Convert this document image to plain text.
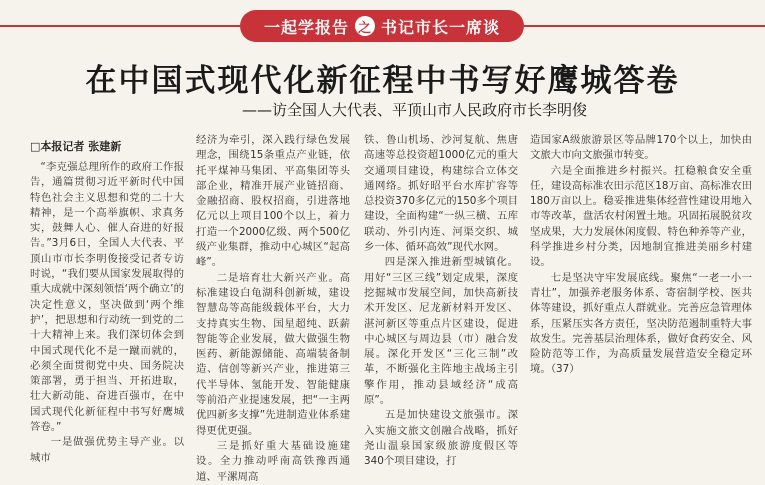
一起学报告 之 书记市长一席谈
在中国式现代化新征程中书写好鹰城答卷
——访全国人大代表、平顶山市人民政府市长李明俊
□本报记者 张建新

“李克强总理所作的政府工作报告，通篇贯彻习近平新时代中国特色社会主义思想和党的二十大精神，是一个高举旗帜、求真务实，鼓舞人心、催人奋进的好报告。”3月6日，全国人大代表、平顶山市市长李明俊接受记者专访时说，“我们要从国家发展取得的重大成就中深刻领悟‘两个确立’的决定性意义，坚决做到‘两个维护’，把思想和行动统一到党的二十大精神上来。我们深切体会到中国式现代化不是一蹴而就的，必须全面贯彻党中央、国务院决策部署，勇于担当、开拓进取，壮大新动能、奋进百强市，在中国式现代化新征程中书写好鹰城答卷。”

一是做强优势主导产业。以城市

经济为牵引，深入践行绿色发展理念，围绕15条重点产业链，依托平煤神马集团、平高集团等头部企业，精准开展产业链招商、金融招商、股权招商，引进落地亿元以上项目100个以上，着力打造一个2000亿级、两个500亿级产业集群，推动中心城区“起高峰”。

二是培育壮大新兴产业。高标准建设白龟湖科创新城，建设智慧岛等高能级载体平台，大力支持真实生物、国星超纯、跃薪智能等企业发展，做大做强生物医药、新能源储能、高端装备制造、信创等新兴产业，推进第三代半导体、氢能开发、智能健康等前沿产业提速发展，把“一主两优四新多支撑”先进制造业体系建得更优更强。

三是抓好重大基础设施建设。全力推动呼南高铁豫西通道、平漯周高

铁、鲁山机场、沙河复航、焦唐高速等总投资超1000亿元的重大交通项目建设，构建综合立体交通网络。抓好昭平台水库扩容等总投资370多亿元的150多个项目建设，全面构建“一纵三横、五库联动、外引内连、河渠交织、城乡一体、循环高效”现代水网。

四是深入推进新型城镇化。用好“三区三线”划定成果，深度挖掘城市发展空间，加快高新技术开发区、尼龙新材料开发区、湛河新区等重点片区建设，促进中心城区与周边县（市）融合发展。深化开发区“三化三制”改革，不断强化主阵地主战场主引擎作用，推动县域经济“成高原”。

五是加快建设文旅强市。深入实施文旅文创融合战略，抓好尧山温泉国家级旅游度假区等340个项目建设，打

造国家A级旅游景区等品牌170个以上，加快由文旅大市向文旅强市转变。

六是全面推进乡村振兴。扛稳粮食安全重任，建设高标准农田示范区18万亩、高标准农田180万亩以上。稳妥推进集体经营性建设用地入市等改革，盘活农村闲置土地。巩固拓展脱贫攻坚成果，大力发展休闲度假、特色种养等产业，科学推进乡村分类，因地制宜推进美丽乡村建设。

七是坚决守牢发展底线。聚焦“一老一小一青壮”，加强养老服务体系、寄宿制学校、医共体等建设，抓好重点人群就业。完善应急管理体系，压紧压实各方责任，坚决防范遏制重特大事故发生。完善基层治理体系，做好食药安全、风险防范等工作，为高质量发展营造安全稳定环境。（37）
